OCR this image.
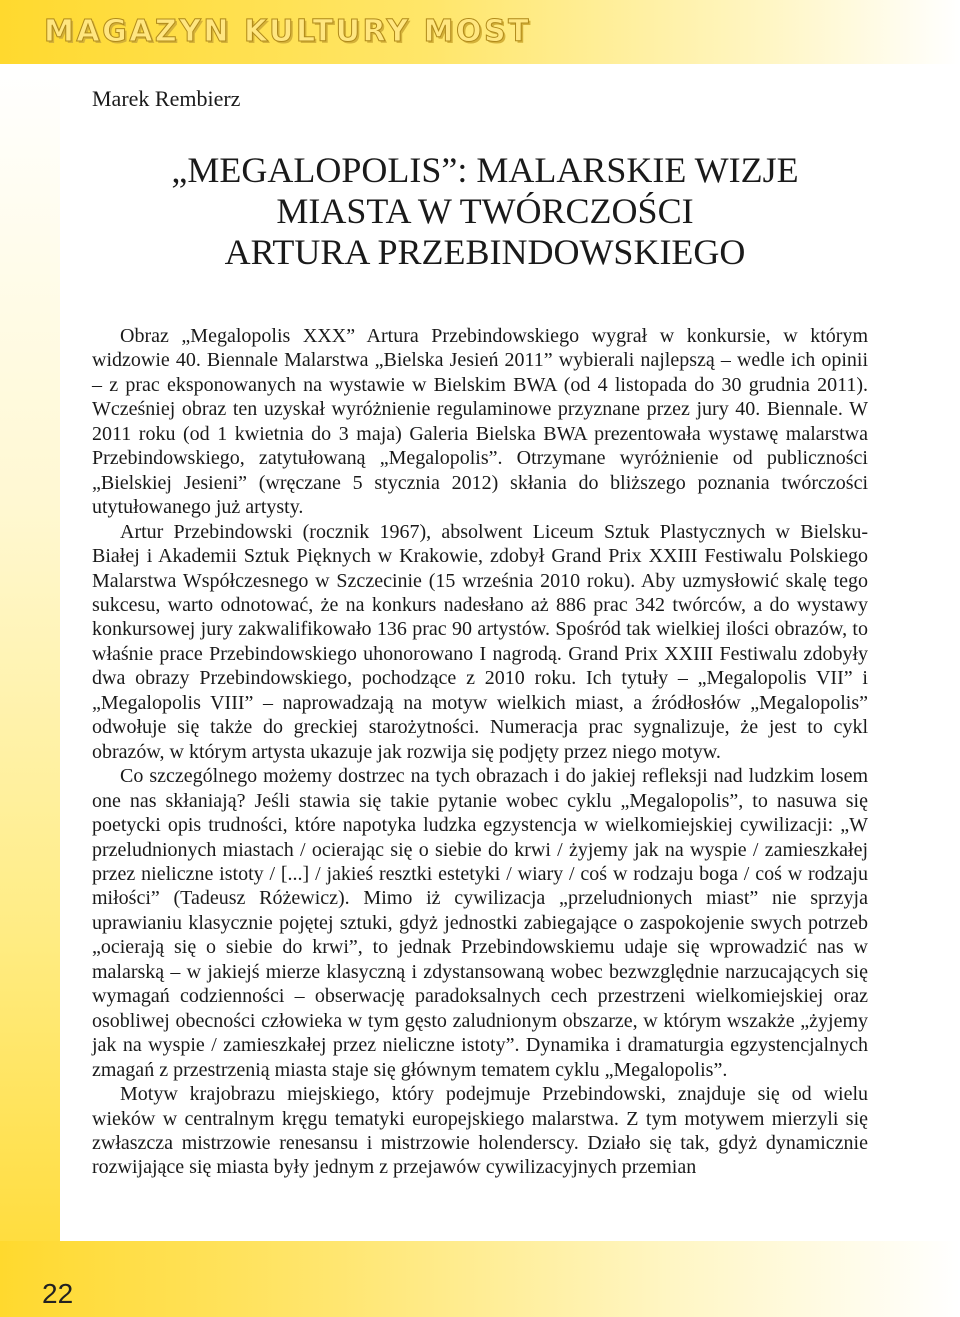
MAGAZYN KULTURY MOST
Marek Rembierz
„MEGALOPOLIS”: MALARSKIE WIZJE
MIASTA W TWÓRCZOŚCI
ARTURA PRZEBINDOWSKIEGO

Obraz „Megalopolis XXX” Artura Przebindowskiego wygrał w konkursie, w którym widzowie 40. Biennale Malarstwa „Bielska Jesień 2011” wybierali najlepszą – wedle ich opinii – z prac eksponowanych na wystawie w Bielskim BWA (od 4 listopada do 30 grudnia 2011). Wcześniej obraz ten uzyskał wyróżnienie regulaminowe przyznane przez jury 40. Biennale. W 2011 roku (od 1 kwietnia do 3 maja) Galeria Bielska BWA prezentowała wystawę malarstwa Przebindowskiego, zatytułowaną „Megalopolis”. Otrzymane wyróżnienie od publiczności „Bielskiej Jesieni” (wręczane 5 stycznia 2012) skłania do bliższego poznania twórczości utytułowanego już artysty.

Artur Przebindowski (rocznik 1967), absolwent Liceum Sztuk Plastycznych w Bielsku-Białej i Akademii Sztuk Pięknych w Krakowie, zdobył Grand Prix XXIII Festiwalu Polskiego Malarstwa Współczesnego w Szczecinie (15 września 2010 roku). Aby uzmysłowić skalę tego sukcesu, warto odnotować, że na konkurs nadesłano aż 886 prac 342 twórców, a do wystawy konkursowej jury zakwalifikowało 136 prac 90 artystów. Spośród tak wielkiej ilości obrazów, to właśnie prace Przebindowskiego uhonorowano I nagrodą. Grand Prix XXIII Festiwalu zdobyły dwa obrazy Przebindowskiego, pochodzące z 2010 roku. Ich tytuły – „Megalopolis VII” i „Megalopolis VIII” – naprowadzają na motyw wielkich miast, a źródłosłów „Megalopolis” odwołuje się także do greckiej starożytności. Numeracja prac sygnalizuje, że jest to cykl obrazów, w którym artysta ukazuje jak rozwija się podjęty przez niego motyw.

Co szczególnego możemy dostrzec na tych obrazach i do jakiej refleksji nad ludzkim losem one nas skłaniają? Jeśli stawia się takie pytanie wobec cyklu „Megalopolis”, to nasuwa się poetycki opis trudności, które napotyka ludzka egzystencja w wielkomiejskiej cywilizacji: „W przeludnionych miastach / ocierając się o siebie do krwi / żyjemy jak na wyspie / zamieszkałej przez nieliczne istoty / [...] / jakieś resztki estetyki / wiary / coś w rodzaju boga / coś w rodzaju miłości” (Tadeusz Różewicz). Mimo iż cywilizacja „przeludnionych miast” nie sprzyja uprawianiu klasycznie pojętej sztuki, gdyż jednostki zabiegające o zaspokojenie swych potrzeb „ocierają się o siebie do krwi”, to jednak Przebindowskiemu udaje się wprowadzić nas w malarską – w jakiejś mierze klasyczną i zdystansowaną wobec bezwzględnie narzucających się wymagań codzienności – obserwację paradoksalnych cech przestrzeni wielkomiejskiej oraz osobliwej obecności człowieka w tym gęsto zaludnionym obszarze, w którym wszakże „żyjemy jak na wyspie / zamieszkałej przez nieliczne istoty”. Dynamika i dramaturgia egzystencjalnych zmagań z przestrzenią miasta staje się głównym tematem cyklu „Megalopolis”.

Motyw krajobrazu miejskiego, który podejmuje Przebindowski, znajduje się od wielu wieków w centralnym kręgu tematyki europejskiego malarstwa. Z tym motywem mierzyli się zwłaszcza mistrzowie renesansu i mistrzowie holenderscy. Działo się tak, gdyż dynamicznie rozwijające się miasta były jednym z przejawów cywilizacyjnych przemian

22
